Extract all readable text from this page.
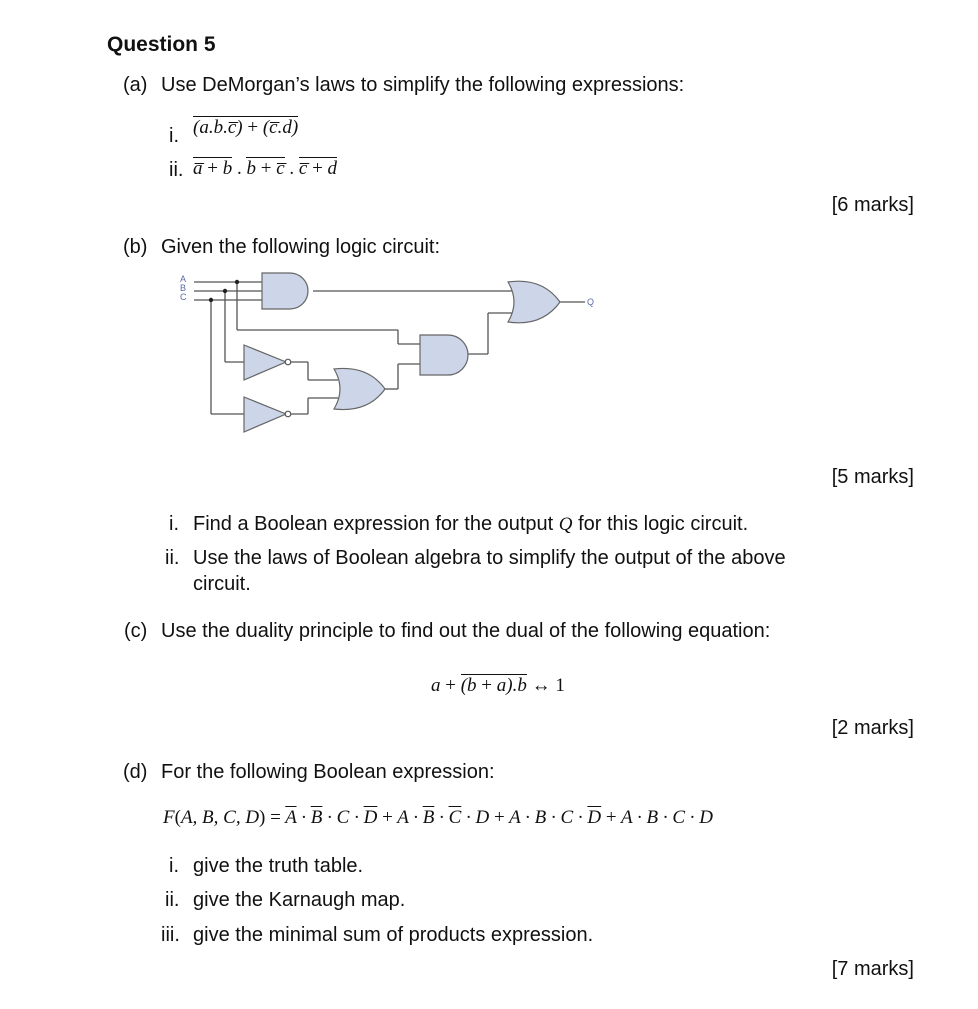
Question 5
(a) Use DeMorgan’s laws to simplify the following expressions:
i. (a.b.c̅) + (c̅.d)
ii. a̅ + b . b + c̅ . c̅ + d
[6 marks]
(b) Given the following logic circuit:
A
B
C	Q
[5 marks]
i. Find a Boolean expression for the output Q for this logic circuit.
ii. Use the laws of Boolean algebra to simplify the output of the above
circuit.
(c) Use the duality principle to find out the dual of the following equation:
$a + (\overline{b} + a).b$ ↔ 1
[2 marks]
(d) For the following Boolean expression:
F(A, B, C, $D) = \overline{A} \cdot \overline{B} \cdot C \cdot \overline{D} + A \cdot \overline{B} \cdot \overline{C} \cdot D + A \cdot B \cdot C \cdot \overline{D} + A \cdot B \cdot C \cdot D$
i. give the truth table.
ii. give the Karnaugh map.
iii. give the minimal sum of products expression.
[7 marks]
